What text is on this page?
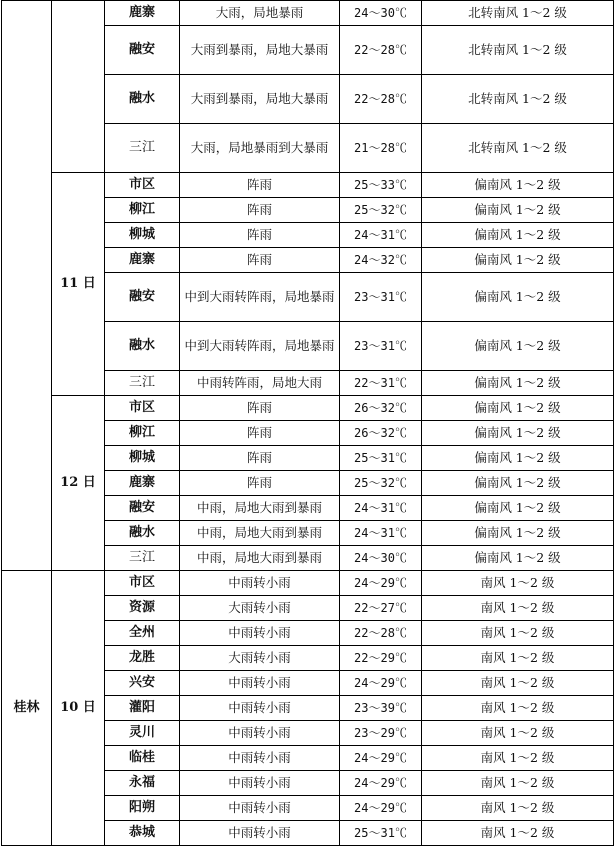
		鹿寨	大雨，局地暴雨	24～30℃	北转南风 1～2 级
		融安	大雨到暴雨，局地大暴雨	22～28℃	北转南风 1～2 级
		融水	大雨到暴雨，局地大暴雨	22～28℃	北转南风 1～2 级
		三江	大雨，局地暴雨到大暴雨	21～28℃	北转南风 1～2 级
	11 日	市区	阵雨	25～33℃	偏南风 1～2 级
		柳江	阵雨	25～32℃	偏南风 1～2 级
		柳城	阵雨	24～31℃	偏南风 1～2 级
		鹿寨	阵雨	24～32℃	偏南风 1～2 级
		融安	中到大雨转阵雨，局地暴雨	23～31℃	偏南风 1～2 级
		融水	中到大雨转阵雨，局地暴雨	23～31℃	偏南风 1～2 级
		三江	中雨转阵雨，局地大雨	22～31℃	偏南风 1～2 级
	12 日	市区	阵雨	26～32℃	偏南风 1～2 级
		柳江	阵雨	26～32℃	偏南风 1～2 级
		柳城	阵雨	25～31℃	偏南风 1～2 级
		鹿寨	阵雨	25～32℃	偏南风 1～2 级
		融安	中雨，局地大雨到暴雨	24～31℃	偏南风 1～2 级
		融水	中雨，局地大雨到暴雨	24～31℃	偏南风 1～2 级
		三江	中雨，局地大雨到暴雨	24～30℃	偏南风 1～2 级
桂林	10 日	市区	中雨转小雨	24～29℃	南风 1～2 级
		资源	大雨转小雨	22～27℃	南风 1～2 级
		全州	中雨转小雨	22～28℃	南风 1～2 级
		龙胜	大雨转小雨	22～29℃	南风 1～2 级
		兴安	中雨转小雨	24～29℃	南风 1～2 级
		灌阳	中雨转小雨	23～39℃	南风 1～2 级
		灵川	中雨转小雨	23～29℃	南风 1～2 级
		临桂	中雨转小雨	24～29℃	南风 1～2 级
		永福	中雨转小雨	24～29℃	南风 1～2 级
		阳朔	中雨转小雨	24～29℃	南风 1～2 级
		恭城	中雨转小雨	25～31℃	南风 1～2 级
